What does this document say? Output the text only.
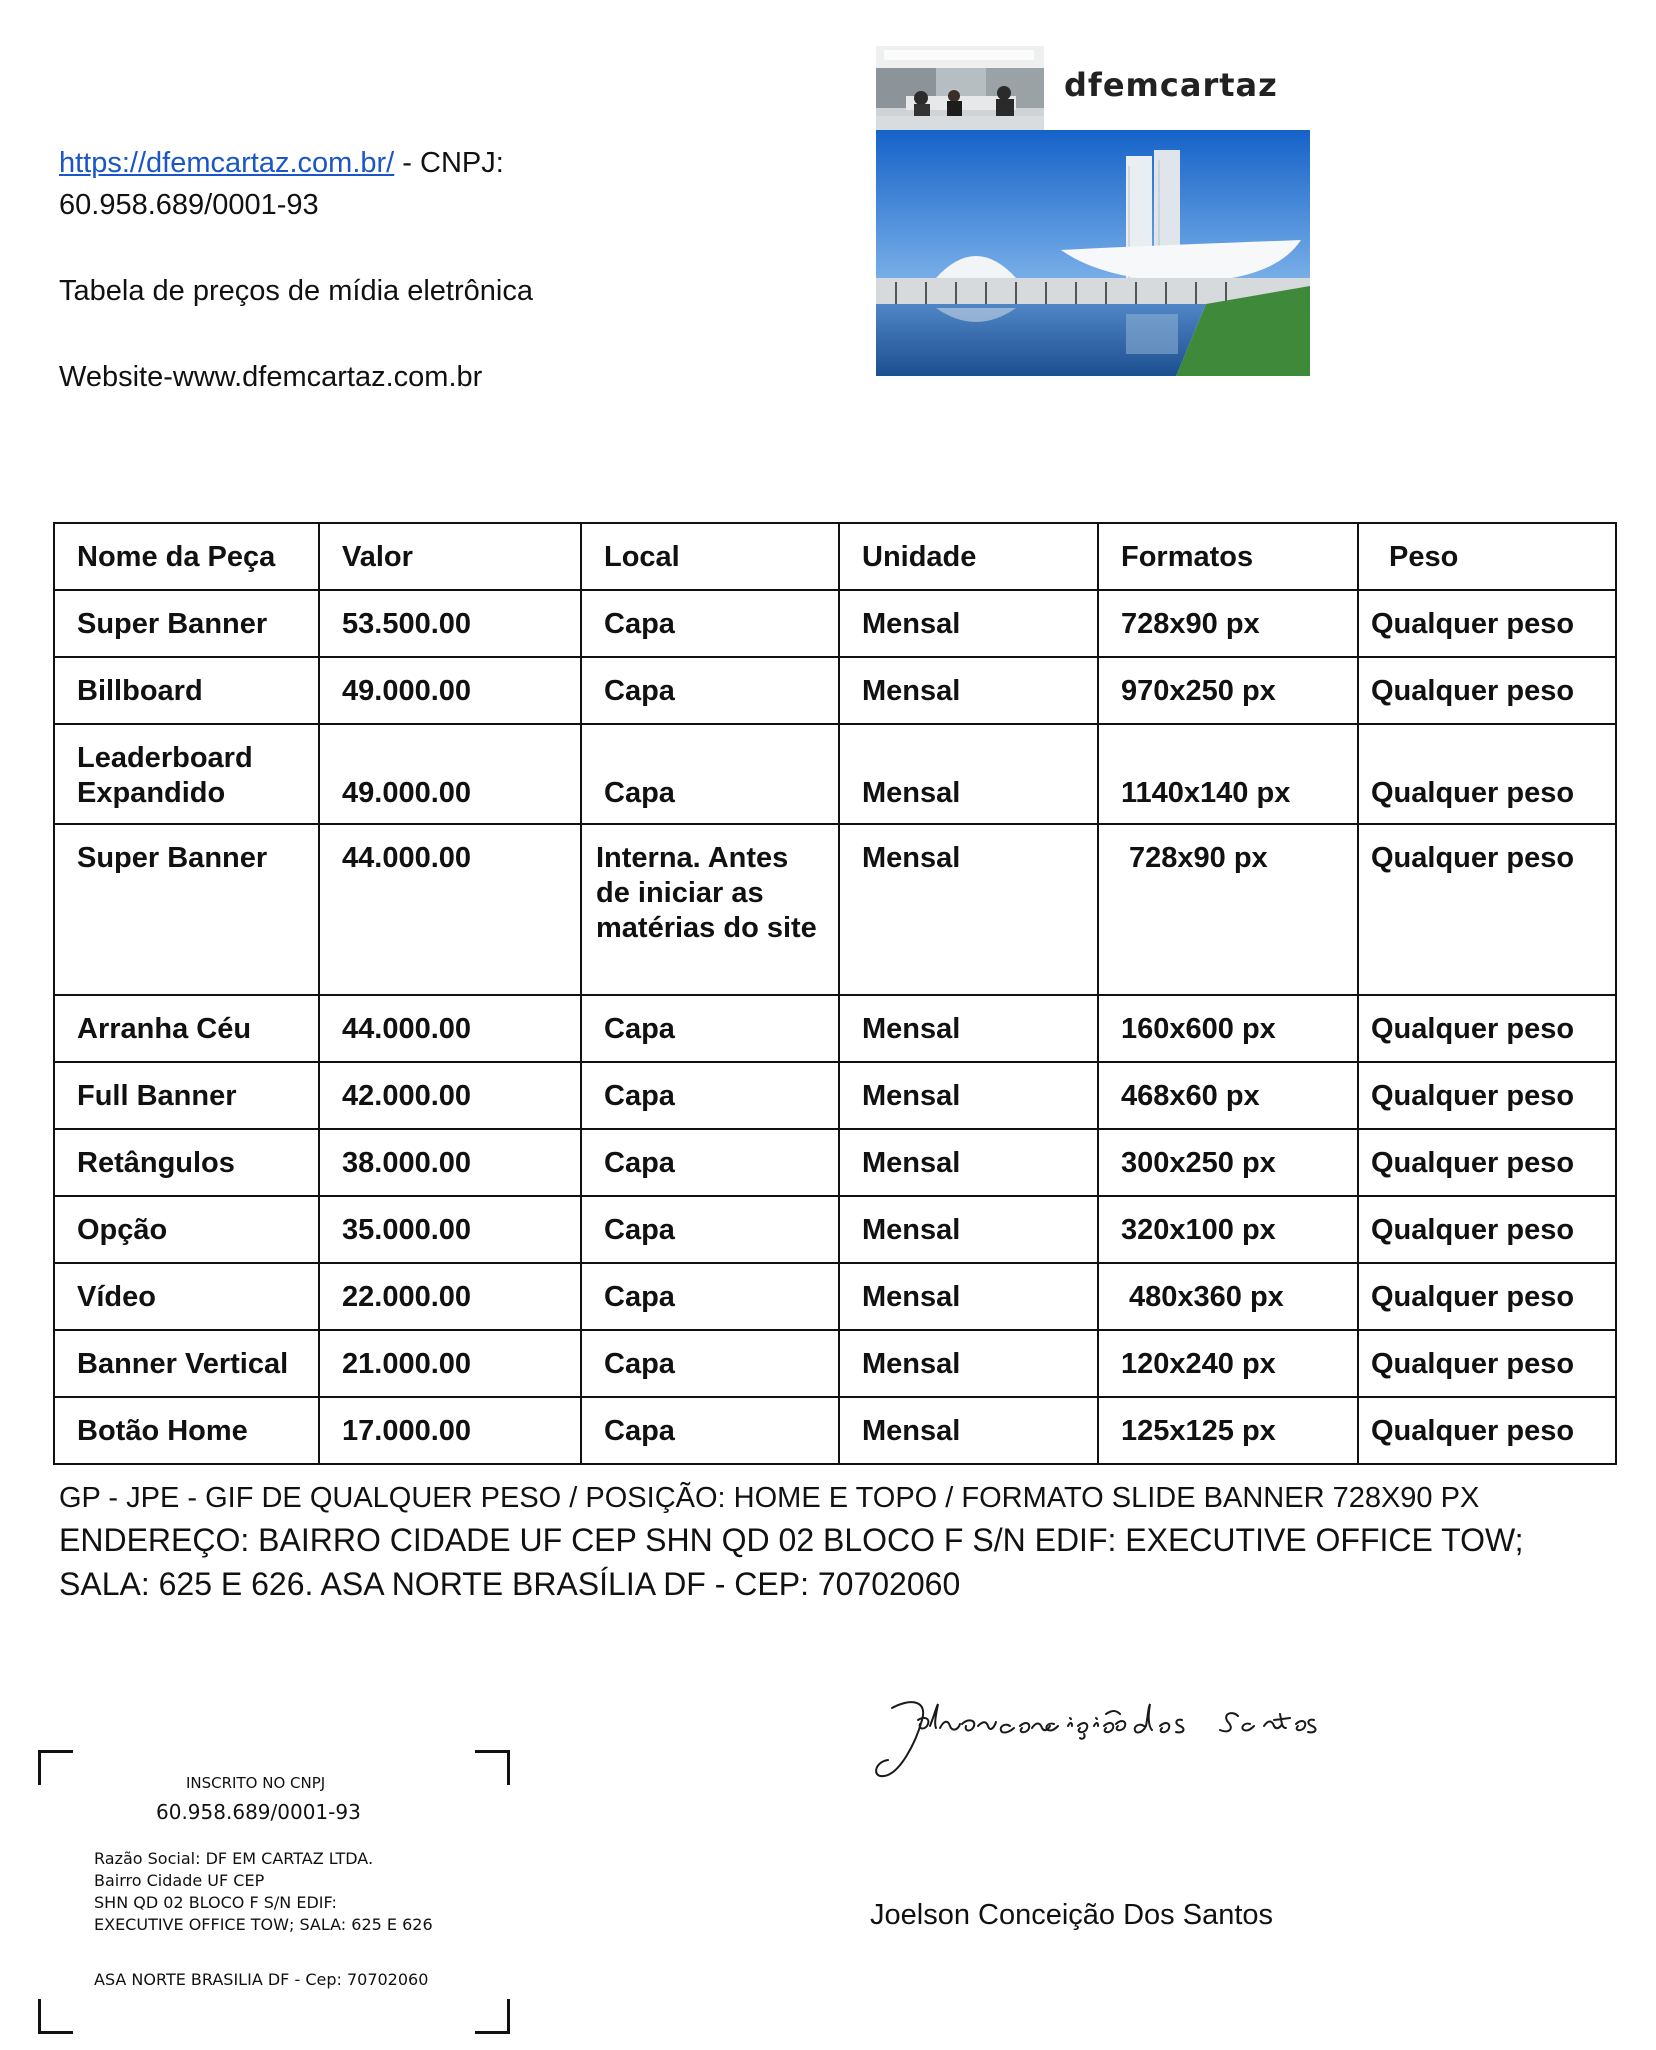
https://dfemcartaz.com.br/ - CNPJ:
60.958.689/0001-93
Tabela de preços de mídia eletrônica
Website-www.dfemcartaz.com.br
dfemcartaz
Nome da Peça	Valor	Local	Unidade	Formatos	Peso
Super Banner	53.500.00	Capa	Mensal	728x90 px	Qualquer peso
Billboard	49.000.00	Capa	Mensal	970x250 px	Qualquer peso
Leaderboard Expandido	49.000.00	Capa	Mensal	1140x140 px	Qualquer peso
Super Banner	44.000.00	Interna. Antes de iniciar as matérias do site	Mensal	728x90 px	Qualquer peso
Arranha Céu	44.000.00	Capa	Mensal	160x600 px	Qualquer peso
Full Banner	42.000.00	Capa	Mensal	468x60 px	Qualquer peso
Retângulos	38.000.00	Capa	Mensal	300x250 px	Qualquer peso
Opção	35.000.00	Capa	Mensal	320x100 px	Qualquer peso
Vídeo	22.000.00	Capa	Mensal	480x360 px	Qualquer peso
Banner Vertical	21.000.00	Capa	Mensal	120x240 px	Qualquer peso
Botão Home	17.000.00	Capa	Mensal	125x125 px	Qualquer peso
GP - JPE - GIF DE QUALQUER PESO / POSIÇÃO: HOME E TOPO / FORMATO SLIDE BANNER 728X90 PX
ENDEREÇO: BAIRRO CIDADE UF CEP SHN QD 02 BLOCO F S/N EDIF: EXECUTIVE OFFICE TOW; SALA: 625 E 626. ASA NORTE BRASÍLIA DF - CEP: 70702060
Joelson Conceição Dos Santos
INSCRITO NO CNPJ
60.958.689/0001-93
Razão Social: DF EM CARTAZ LTDA.
Bairro Cidade UF CEP
SHN QD 02 BLOCO F S/N EDIF:
EXECUTIVE OFFICE TOW; SALA: 625 E 626
ASA NORTE BRASILIA DF - Cep: 70702060
